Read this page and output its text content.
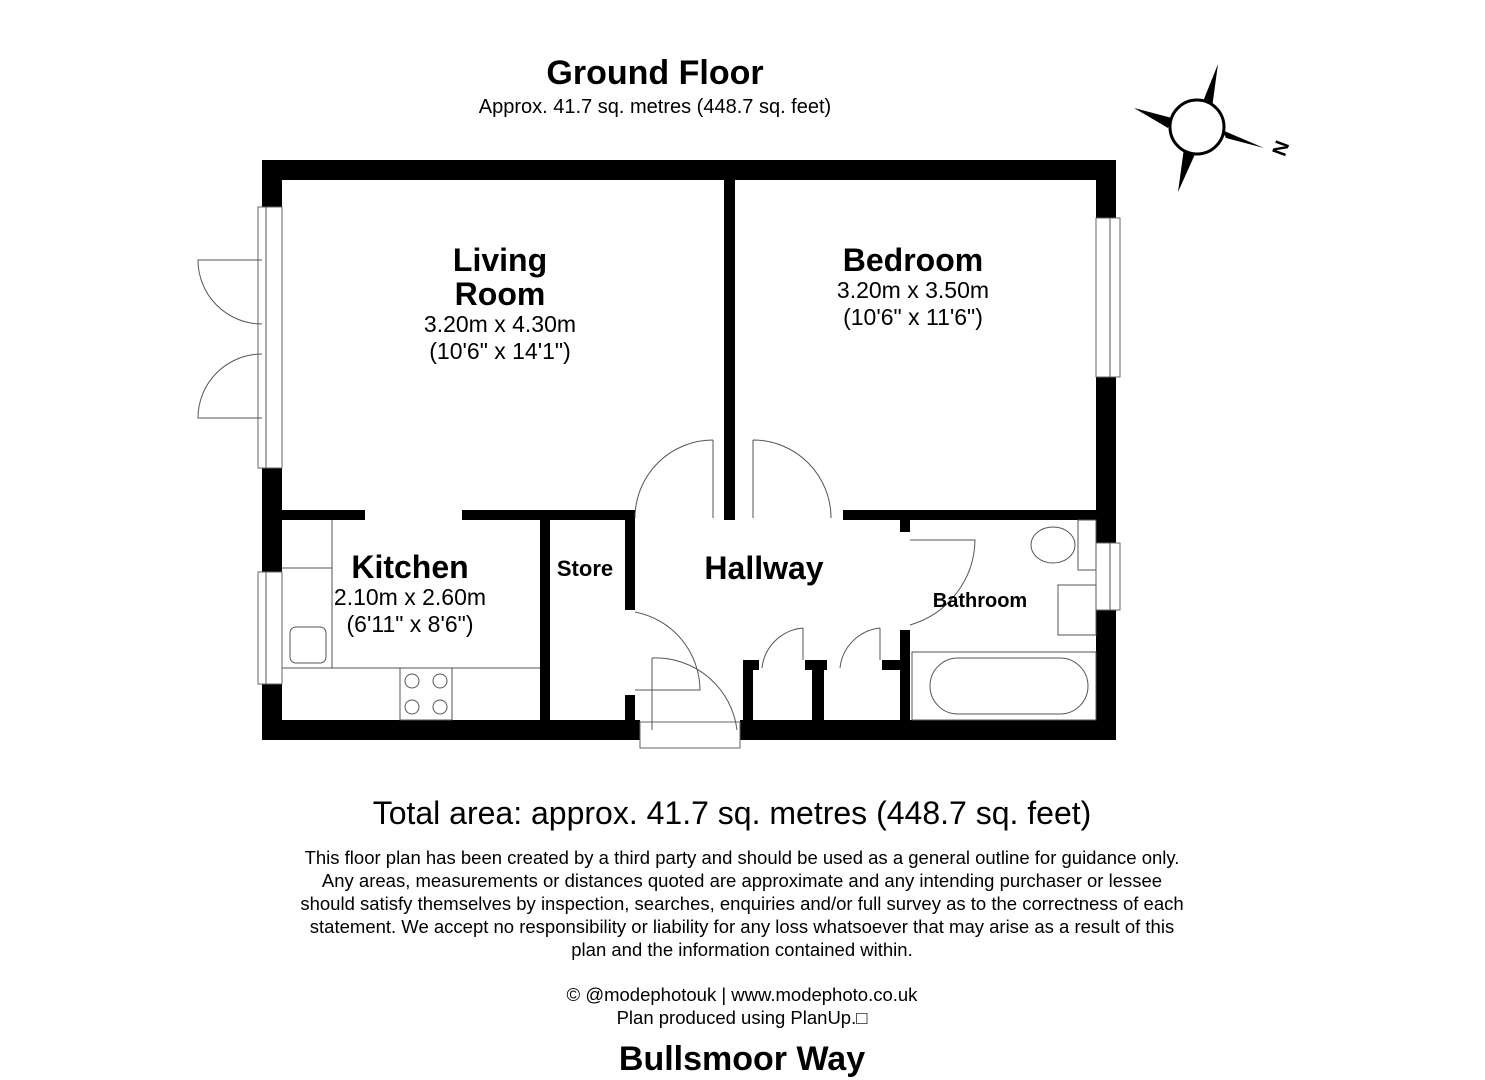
N
Ground Floor
Approx. 41.7 sq. metres (448.7 sq. feet)
Living
Room
3.20m x 4.30m
(10'6" x 14'1")
Bedroom
3.20m x 3.50m
(10'6" x 11'6")
Kitchen
2.10m x 2.60m
(6'11" x 8'6")
Store	Hallway
Bathroom
Total area: approx. 41.7 sq. metres (448.7 sq. feet)
This floor plan has been created by a third party and should be used as a general outline for guidance only.
Any areas, measurements or distances quoted are approximate and any intending purchaser or lessee
should satisfy themselves by inspection, searches, enquiries and/or full survey as to the correctness of each
statement. We accept no responsibility or liability for any loss whatsoever that may arise as a result of this
plan and the information contained within.
© @modephotouk | www.modephoto.co.uk
Plan produced using PlanUp.□
Bullsmoor Way
